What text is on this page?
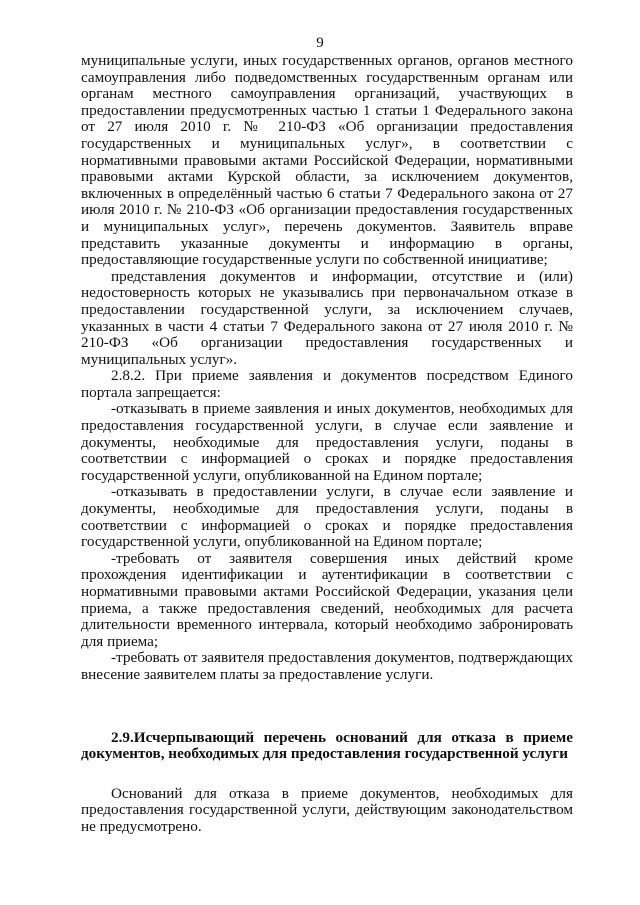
9

муниципальные услуги, иных государственных органов, органов местного самоуправления либо подведомственных государственным органам или органам местного самоуправления организаций, участвующих в предоставлении предусмотренных частью 1 статьи 1 Федерального закона от 27 июля 2010 г. № 210-ФЗ «Об организации предоставления государственных и муниципальных услуг», в соответствии с нормативными правовыми актами Российской Федерации, нормативными правовыми актами Курской области, за исключением документов, включенных в определённый частью 6 статьи 7 Федерального закона от 27 июля 2010 г. № 210-ФЗ «Об организации предоставления государственных и муниципальных услуг», перечень документов. Заявитель вправе представить указанные документы и информацию в органы, предоставляющие государственные услуги по собственной инициативе;

представления документов и информации, отсутствие и (или) недостоверность которых не указывались при первоначальном отказе в предоставлении государственной услуги, за исключением случаев, указанных в части 4 статьи 7 Федерального закона от 27 июля 2010 г. № 210-ФЗ «Об организации предоставления государственных и муниципальных услуг».

2.8.2. При приеме заявления и документов посредством Единого портала запрещается:

-отказывать в приеме заявления и иных документов, необходимых для предоставления государственной услуги, в случае если заявление и документы, необходимые для предоставления услуги, поданы в соответствии с информацией о сроках и порядке предоставления государственной услуги, опубликованной на Едином портале;

-отказывать в предоставлении услуги, в случае если заявление и документы, необходимые для предоставления услуги, поданы в соответствии с информацией о сроках и порядке предоставления государственной услуги, опубликованной на Едином портале;

-требовать от заявителя совершения иных действий кроме прохождения идентификации и аутентификации в соответствии с нормативными правовыми актами Российской Федерации, указания цели приема, а также предоставления сведений, необходимых для расчета длительности временного интервала, который необходимо забронировать для приема;

-требовать от заявителя предоставления документов, подтверждающих внесение заявителем платы за предоставление услуги.

2.9.Исчерпывающий перечень оснований для отказа в приеме документов, необходимых для предоставления государственной услуги

Оснований для отказа в приеме документов, необходимых для предоставления государственной услуги, действующим законодательством не предусмотрено.
